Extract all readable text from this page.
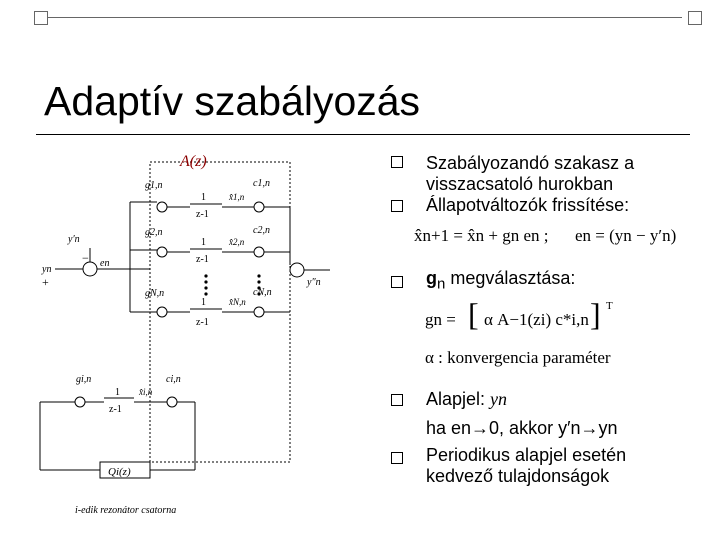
Adaptív szabályozás
A(z)
g1,n
g2,n
gN,n
c1,n
c2,n
cN,n
1
z-1
1
z-1
1
z-1
x̂1,n
x̂2,n
x̂N,n
y′n
−
yn
+
en
y″n
gi,n	ci,n
1
z-1
x̂i,n
Qi(z)
i-edik rezonátor csatorna
Szabályozandó szakasz a visszacsatoló hurokban
Állapotváltozók frissítése:
x̂n+1 = x̂n + gn en ; en = (yn − y′n)
$g_n$ megválasztása:
gn = [ α A−1(zi) c*i,n ] T
α : konvergencia paraméter
Alapjel: yn
ha en→0, akkor y′n→yn
Periodikus alapjel esetén kedvező tulajdonságok
